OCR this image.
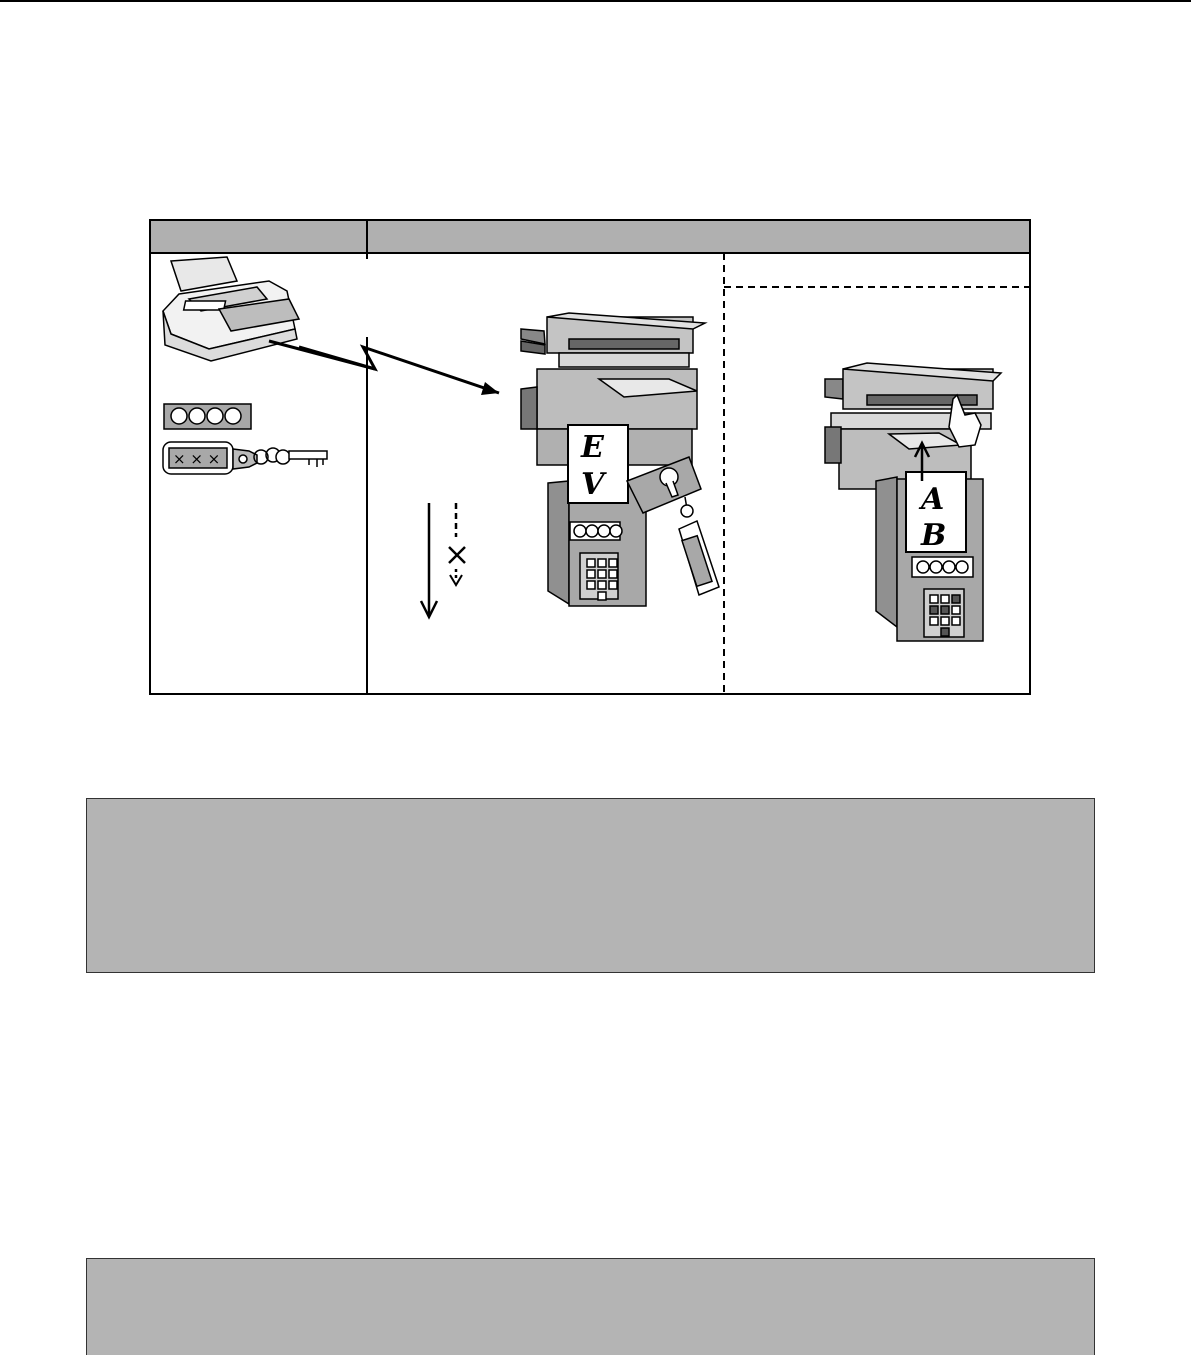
× × ×	E
V	A
B
